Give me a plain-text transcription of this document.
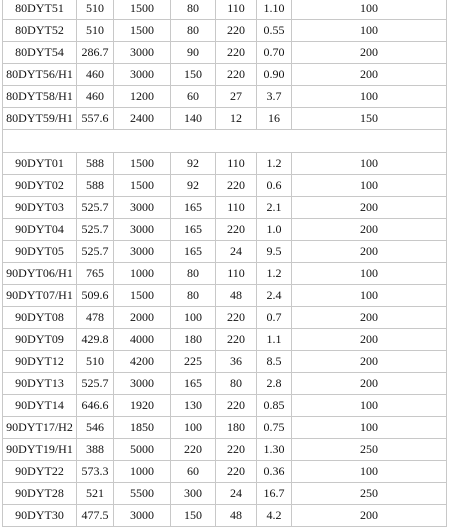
80DYT51	510	1500	80	110	1.10	100
80DYT52	510	1500	80	220	0.55	100
80DYT54	286.7	3000	90	220	0.70	200
80DYT56/H1	460	3000	150	220	0.90	200
80DYT58/H1	460	1200	60	27	3.7	100
80DYT59/H1	557.6	2400	140	12	16	150

90DYT01	588	1500	92	110	1.2	100
90DYT02	588	1500	92	220	0.6	100
90DYT03	525.7	3000	165	110	2.1	200
90DYT04	525.7	3000	165	220	1.0	200
90DYT05	525.7	3000	165	24	9.5	200
90DYT06/H1	765	1000	80	110	1.2	100
90DYT07/H1	509.6	1500	80	48	2.4	100
90DYT08	478	2000	100	220	0.7	200
90DYT09	429.8	4000	180	220	1.1	200
90DYT12	510	4200	225	36	8.5	200
90DYT13	525.7	3000	165	80	2.8	200
90DYT14	646.6	1920	130	220	0.85	100
90DYT17/H2	546	1850	100	180	0.75	100
90DYT19/H1	388	5000	220	220	1.30	250
90DYT22	573.3	1000	60	220	0.36	100
90DYT28	521	5500	300	24	16.7	250
90DYT30	477.5	3000	150	48	4.2	200
